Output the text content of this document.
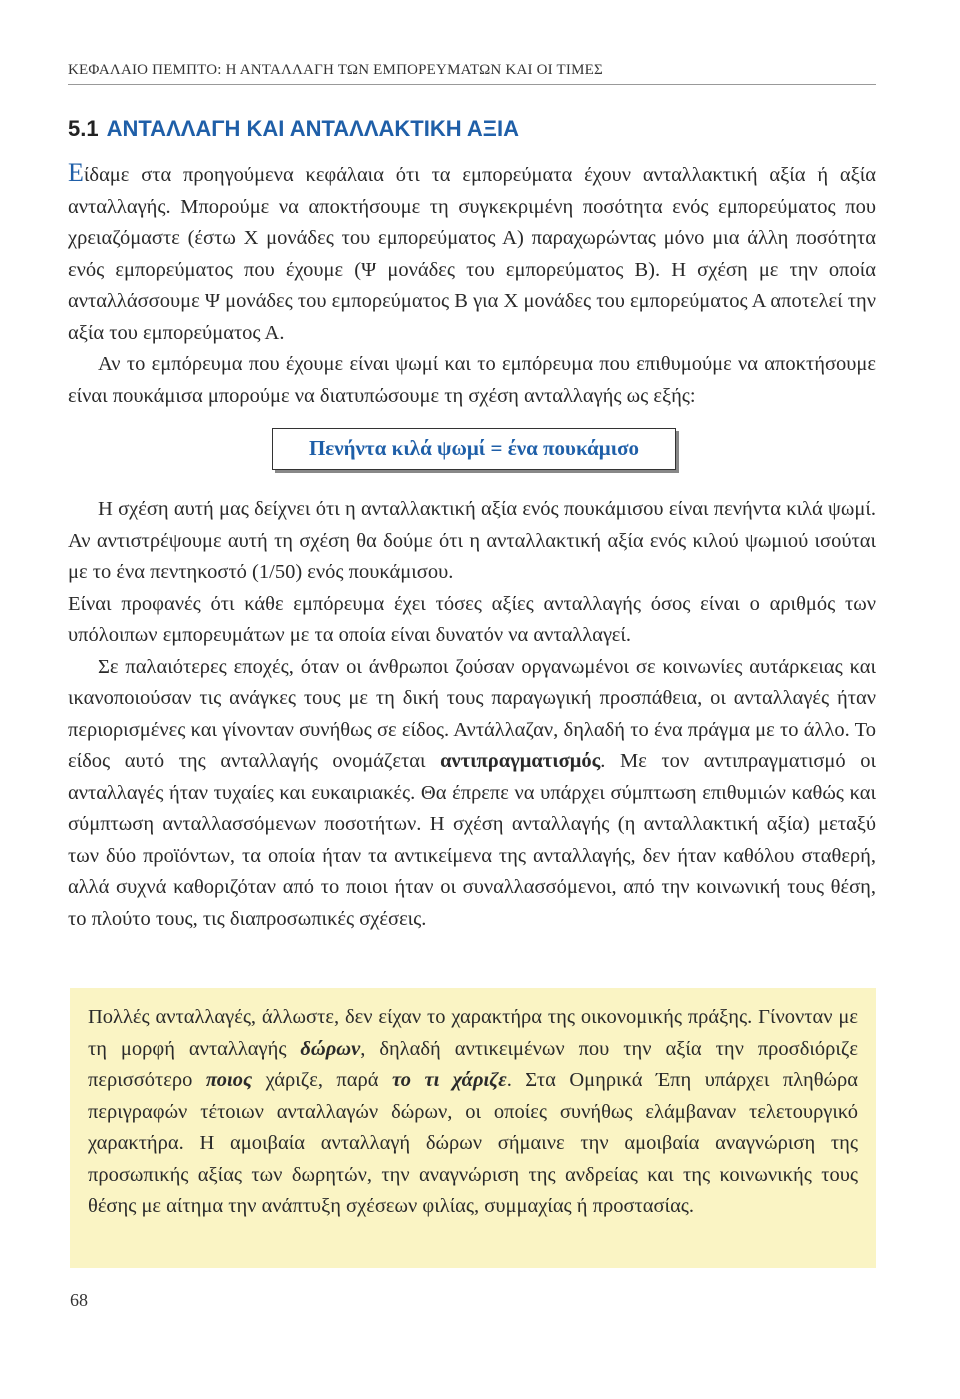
ΚΕΦΑΛΑΙΟ ΠΕΜΠΤΟ: Η ΑΝΤΑΛΛΑΓΗ ΤΩΝ ΕΜΠΟΡΕΥΜΑΤΩΝ ΚΑΙ ΟΙ ΤΙΜΕΣ
5.1 ΑΝΤΑΛΛΑΓΗ ΚΑΙ ΑΝΤΑΛΛΑΚΤΙΚΗ ΑΞΙΑ

Είδαμε στα προηγούμενα κεφάλαια ότι τα εμπορεύματα έχουν ανταλλακτική αξία ή αξία ανταλλαγής. Μπορούμε να αποκτήσουμε τη συγκεκριμένη ποσότητα ενός εμπορεύματος που χρειαζόμαστε (έστω Χ μονάδες του εμπορεύματος Α) παραχωρώντας μόνο μια άλλη ποσότητα ενός εμπορεύματος που έχουμε (Ψ μονάδες του εμπορεύματος Β). Η σχέση με την οποία ανταλλάσσουμε Ψ μονάδες του εμπορεύματος Β για Χ μονάδες του εμπορεύματος Α αποτελεί την αξία του εμπορεύματος Α.

Αν το εμπόρευμα που έχουμε είναι ψωμί και το εμπόρευμα που επιθυμούμε να αποκτήσουμε είναι πουκάμισα μπορούμε να διατυπώσουμε τη σχέση ανταλλαγής ως εξής:

Πενήντα κιλά ψωμί = ένα πουκάμισο

Η σχέση αυτή μας δείχνει ότι η ανταλλακτική αξία ενός πουκάμισου είναι πενήντα κιλά ψωμί. Αν αντιστρέψουμε αυτή τη σχέση θα δούμε ότι η ανταλλακτική αξία ενός κιλού ψωμιού ισούται με το ένα πεντηκοστό (1/50) ενός πουκάμισου.

Είναι προφανές ότι κάθε εμπόρευμα έχει τόσες αξίες ανταλλαγής όσος είναι ο αριθμός των υπόλοιπων εμπορευμάτων με τα οποία είναι δυνατόν να ανταλλαγεί.

Σε παλαιότερες εποχές, όταν οι άνθρωποι ζούσαν οργανωμένοι σε κοινωνίες αυτάρκειας και ικανοποιούσαν τις ανάγκες τους με τη δική τους παραγωγική προσπάθεια, οι ανταλλαγές ήταν περιορισμένες και γίνονταν συνήθως σε είδος. Αντάλλαζαν, δηλαδή το ένα πράγμα με το άλλο. Το είδος αυτό της ανταλλαγής ονομάζεται αντιπραγματισμός. Με τον αντιπραγματισμό οι ανταλλαγές ήταν τυχαίες και ευκαιριακές. Θα έπρεπε να υπάρχει σύμπτωση επιθυμιών καθώς και σύμπτωση ανταλλασσόμενων ποσοτήτων. Η σχέση ανταλλαγής (η ανταλλακτική αξία) μεταξύ των δύο προϊόντων, τα οποία ήταν τα αντικείμενα της ανταλλαγής, δεν ήταν καθόλου σταθερή, αλλά συχνά καθοριζόταν από το ποιοι ήταν οι συναλλασσόμενοι, από την κοινωνική τους θέση, το πλούτο τους, τις διαπροσωπικές σχέσεις.

Πολλές ανταλλαγές, άλλωστε, δεν είχαν το χαρακτήρα της οικονομικής πράξης. Γίνονταν με τη μορφή ανταλλαγής δώρων, δηλαδή αντικειμένων που την αξία την προσδιόριζε περισσότερο ποιος χάριζε, παρά το τι χάριζε. Στα Ομηρικά Έπη υπάρχει πληθώρα περιγραφών τέτοιων ανταλλαγών δώρων, οι οποίες συνήθως ελάμβαναν τελετουργικό χαρακτήρα. Η αμοιβαία ανταλλαγή δώρων σήμαινε την αμοιβαία αναγνώριση της προσωπικής αξίας των δωρητών, την αναγνώριση της ανδρείας και της κοινωνικής τους θέσης με αίτημα την ανάπτυξη σχέσεων φιλίας, συμμαχίας ή προστασίας.

68
